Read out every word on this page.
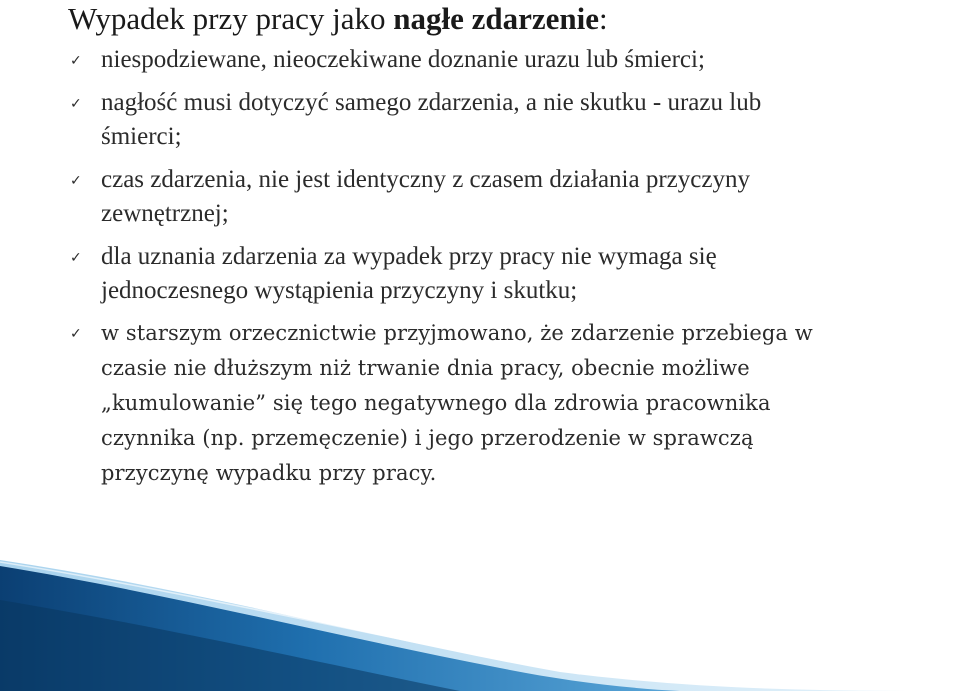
Wypadek przy pracy jako nagłe zdarzenie:
✓ niespodziewane, nieoczekiwane doznanie urazu lub śmierci;
✓ nagłość musi dotyczyć samego zdarzenia, a nie skutku - urazu lub
śmierci;
✓ czas zdarzenia, nie jest identyczny z czasem działania przyczyny
zewnętrznej;
✓ dla uznania zdarzenia za wypadek przy pracy nie wymaga się
jednoczesnego wystąpienia przyczyny i skutku;
✓ w starszym orzecznictwie przyjmowano, że zdarzenie przebiega w
czasie nie dłuższym niż trwanie dnia pracy, obecnie możliwe
„kumulowanie” się tego negatywnego dla zdrowia pracownika
czynnika (np. przemęczenie) i jego przerodzenie w sprawczą
przyczynę wypadku przy pracy.
